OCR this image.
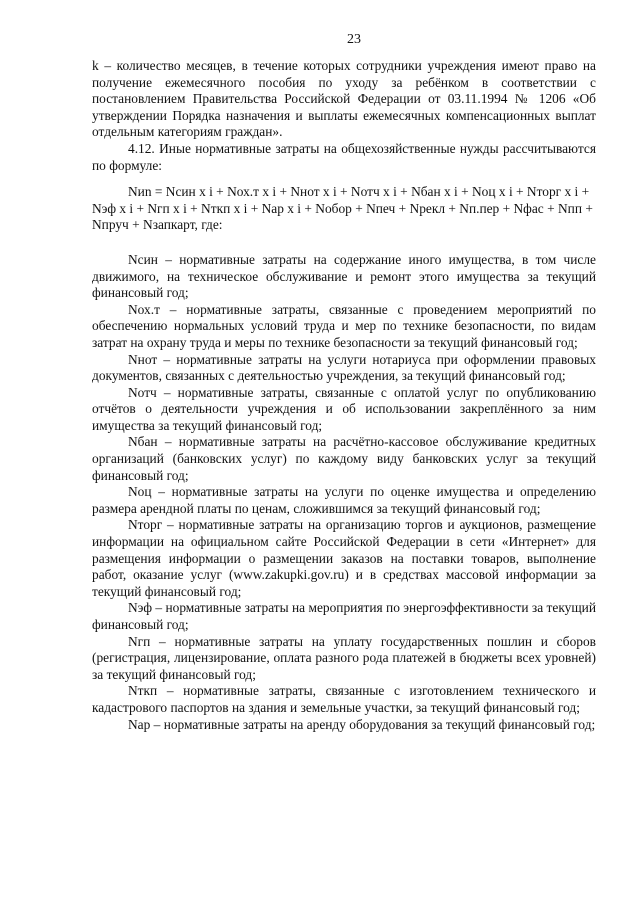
23

k – количество месяцев, в течение которых сотрудники учреждения имеют право на получение ежемесячного пособия по уходу за ребёнком в соответствии с постановлением Правительства Российской Федерации от 03.11.1994 № 1206 «Об утверждении Порядка назначения и выплаты ежемесячных компенсационных выплат отдельным категориям граждан».

4.12. Иные нормативные затраты на общехозяйственные нужды рассчитываются по формуле:

Nиn = Nсин x i + Nох.т x i + Nнот x i + Nотч x i + Nбан x i + Nоц x i + Nторг x i + Nэф x i + Nгп x i + Nткп x i + Nар x i + Nобор + Nпеч + Nрекл + Nп.пер + Nфас + Nпп + Nпруч + Nзапкарт, где:

Nсин – нормативные затраты на содержание иного имущества, в том числе движимого, на техническое обслуживание и ремонт этого имущества за текущий финансовый год;

Nох.т – нормативные затраты, связанные с проведением мероприятий по обеспечению нормальных условий труда и мер по технике безопасности, по видам затрат на охрану труда и меры по технике безопасности за текущий финансовый год;

Nнот – нормативные затраты на услуги нотариуса при оформлении правовых документов, связанных с деятельностью учреждения, за текущий финансовый год;

Nотч – нормативные затраты, связанные с оплатой услуг по опубликованию отчётов о деятельности учреждения и об использовании закреплённого за ним имущества за текущий финансовый год;

Nбан – нормативные затраты на расчётно-кассовое обслуживание кредитных организаций (банковских услуг) по каждому виду банковских услуг за текущий финансовый год;

Nоц – нормативные затраты на услуги по оценке имущества и определению размера арендной платы по ценам, сложившимся за текущий финансовый год;

Nторг – нормативные затраты на организацию торгов и аукционов, размещение информации на официальном сайте Российской Федерации в сети «Интернет» для размещения информации о размещении заказов на поставки товаров, выполнение работ, оказание услуг (www.zakupki.gov.ru) и в средствах массовой информации за текущий финансовый год;

Nэф – нормативные затраты на мероприятия по энергоэффективности за текущий финансовый год;

Nгп – нормативные затраты на уплату государственных пошлин и сборов (регистрация, лицензирование, оплата разного рода платежей в бюджеты всех уровней) за текущий финансовый год;

Nткп – нормативные затраты, связанные с изготовлением технического и кадастрового паспортов на здания и земельные участки, за текущий финансовый год;

Nар – нормативные затраты на аренду оборудования за текущий финансовый год;
